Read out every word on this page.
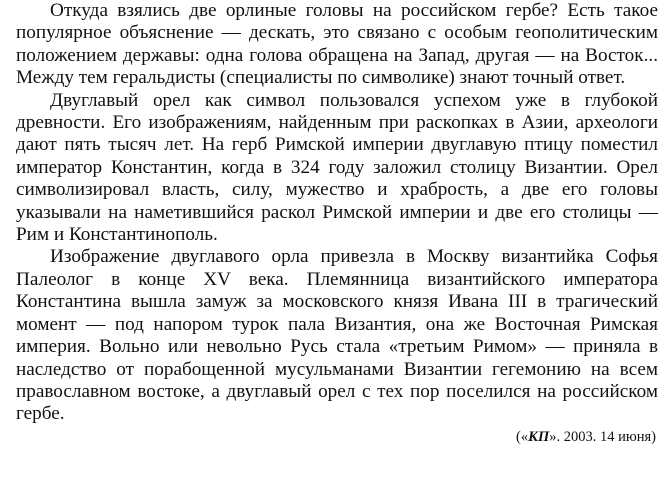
Откуда взялись две орлиные головы на российском гербе? Есть такое популярное объяснение — дескать, это связано с особым геополитическим положением державы: одна голова обращена на Запад, другая — на Восток... Между тем геральдисты (специалисты по символике) знают точный ответ.

Двуглавый орел как символ пользовался успехом уже в глубокой древности. Его изображениям, найденным при раскопках в Азии, археологи дают пять тысяч лет. На герб Римской империи двуглавую птицу поместил император Константин, когда в 324 году заложил столицу Византии. Орел символизировал власть, силу, мужество и храбрость, а две его головы указывали на наметившийся раскол Римской империи и две его столицы — Рим и Константинополь.

Изображение двуглавого орла привезла в Москву византийка Софья Палеолог в конце XV века. Племянница византийского императора Константина вышла замуж за московского князя Ивана III в трагический момент — под напором турок пала Византия, она же Восточная Римская империя. Вольно или невольно Русь стала «третьим Римом» — приняла в наследство от порабощенной мусульманами Византии гегемонию на всем православном востоке, а двуглавый орел с тех пор поселился на российском гербе.

(«КП». 2003. 14 июня)
